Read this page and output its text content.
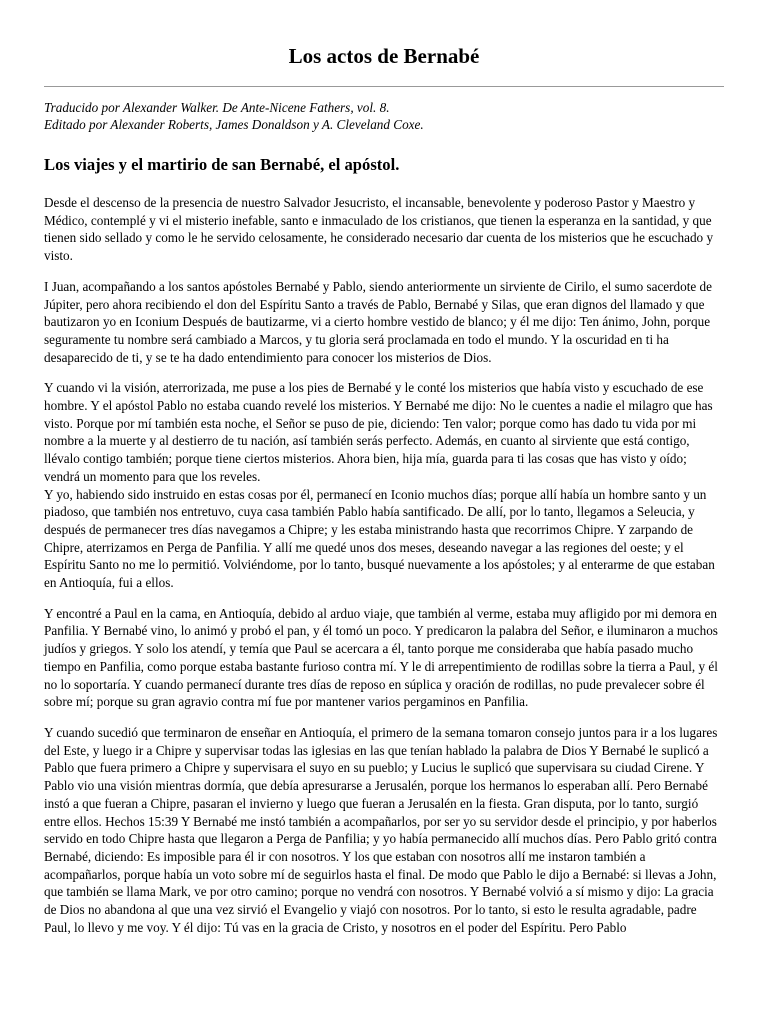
Los actos de Bernabé
Traducido por Alexander Walker. De Ante-Nicene Fathers, vol. 8.
Editado por Alexander Roberts, James Donaldson y A. Cleveland Coxe.
Los viajes y el martirio de san Bernabé, el apóstol.

Desde el descenso de la presencia de nuestro Salvador Jesucristo, el incansable, benevolente y poderoso Pastor y Maestro y Médico, contemplé y vi el misterio inefable, santo e inmaculado de los cristianos, que tienen la esperanza en la santidad, y que tienen sido sellado y como le he servido celosamente, he considerado necesario dar cuenta de los misterios que he escuchado y visto.

I Juan, acompañando a los santos apóstoles Bernabé y Pablo, siendo anteriormente un sirviente de Cirilo, el sumo sacerdote de Júpiter, pero ahora recibiendo el don del Espíritu Santo a través de Pablo, Bernabé y Silas, que eran dignos del llamado y que bautizaron yo en Iconium Después de bautizarme, vi a cierto hombre vestido de blanco; y él me dijo: Ten ánimo, John, porque seguramente tu nombre será cambiado a Marcos, y tu gloria será proclamada en todo el mundo. Y la oscuridad en ti ha desaparecido de ti, y se te ha dado entendimiento para conocer los misterios de Dios.

Y cuando vi la visión, aterrorizada, me puse a los pies de Bernabé y le conté los misterios que había visto y escuchado de ese hombre. Y el apóstol Pablo no estaba cuando revelé los misterios. Y Bernabé me dijo: No le cuentes a nadie el milagro que has visto. Porque por mí también esta noche, el Señor se puso de pie, diciendo: Ten valor; porque como has dado tu vida por mi nombre a la muerte y al destierro de tu nación, así también serás perfecto. Además, en cuanto al sirviente que está contigo, llévalo contigo también; porque tiene ciertos misterios. Ahora bien, hija mía, guarda para ti las cosas que has visto y oído; vendrá un momento para que los reveles.

Y yo, habiendo sido instruido en estas cosas por él, permanecí en Iconio muchos días; porque allí había un hombre santo y un piadoso, que también nos entretuvo, cuya casa también Pablo había santificado. De allí, por lo tanto, llegamos a Seleucia, y después de permanecer tres días navegamos a Chipre; y les estaba ministrando hasta que recorrimos Chipre. Y zarpando de Chipre, aterrizamos en Perga de Panfilia. Y allí me quedé unos dos meses, deseando navegar a las regiones del oeste; y el Espíritu Santo no me lo permitió. Volviéndome, por lo tanto, busqué nuevamente a los apóstoles; y al enterarme de que estaban en Antioquía, fui a ellos.

Y encontré a Paul en la cama, en Antioquía, debido al arduo viaje, que también al verme, estaba muy afligido por mi demora en Panfilia. Y Bernabé vino, lo animó y probó el pan, y él tomó un poco. Y predicaron la palabra del Señor, e iluminaron a muchos judíos y griegos. Y solo los atendí, y temía que Paul se acercara a él, tanto porque me consideraba que había pasado mucho tiempo en Panfilia, como porque estaba bastante furioso contra mí. Y le di arrepentimiento de rodillas sobre la tierra a Paul, y él no lo soportaría. Y cuando permanecí durante tres días de reposo en súplica y oración de rodillas, no pude prevalecer sobre él sobre mí; porque su gran agravio contra mí fue por mantener varios pergaminos en Panfilia.

Y cuando sucedió que terminaron de enseñar en Antioquía, el primero de la semana tomaron consejo juntos para ir a los lugares del Este, y luego ir a Chipre y supervisar todas las iglesias en las que tenían hablado la palabra de Dios Y Bernabé le suplicó a Pablo que fuera primero a Chipre y supervisara el suyo en su pueblo; y Lucius le suplicó que supervisara su ciudad Cirene. Y Pablo vio una visión mientras dormía, que debía apresurarse a Jerusalén, porque los hermanos lo esperaban allí. Pero Bernabé instó a que fueran a Chipre, pasaran el invierno y luego que fueran a Jerusalén en la fiesta. Gran disputa, por lo tanto, surgió entre ellos. Hechos 15:39 Y Bernabé me instó también a acompañarlos, por ser yo su servidor desde el principio, y por haberlos servido en todo Chipre hasta que llegaron a Perga de Panfilia; y yo había permanecido allí muchos días. Pero Pablo gritó contra Bernabé, diciendo: Es imposible para él ir con nosotros. Y los que estaban con nosotros allí me instaron también a acompañarlos, porque había un voto sobre mí de seguirlos hasta el final. De modo que Pablo le dijo a Bernabé: si llevas a John, que también se llama Mark, ve por otro camino; porque no vendrá con nosotros. Y Bernabé volvió a sí mismo y dijo: La gracia de Dios no abandona al que una vez sirvió el Evangelio y viajó con nosotros. Por lo tanto, si esto le resulta agradable, padre Paul, lo llevo y me voy. Y él dijo: Tú vas en la gracia de Cristo, y nosotros en el poder del Espíritu. Pero Pablo
